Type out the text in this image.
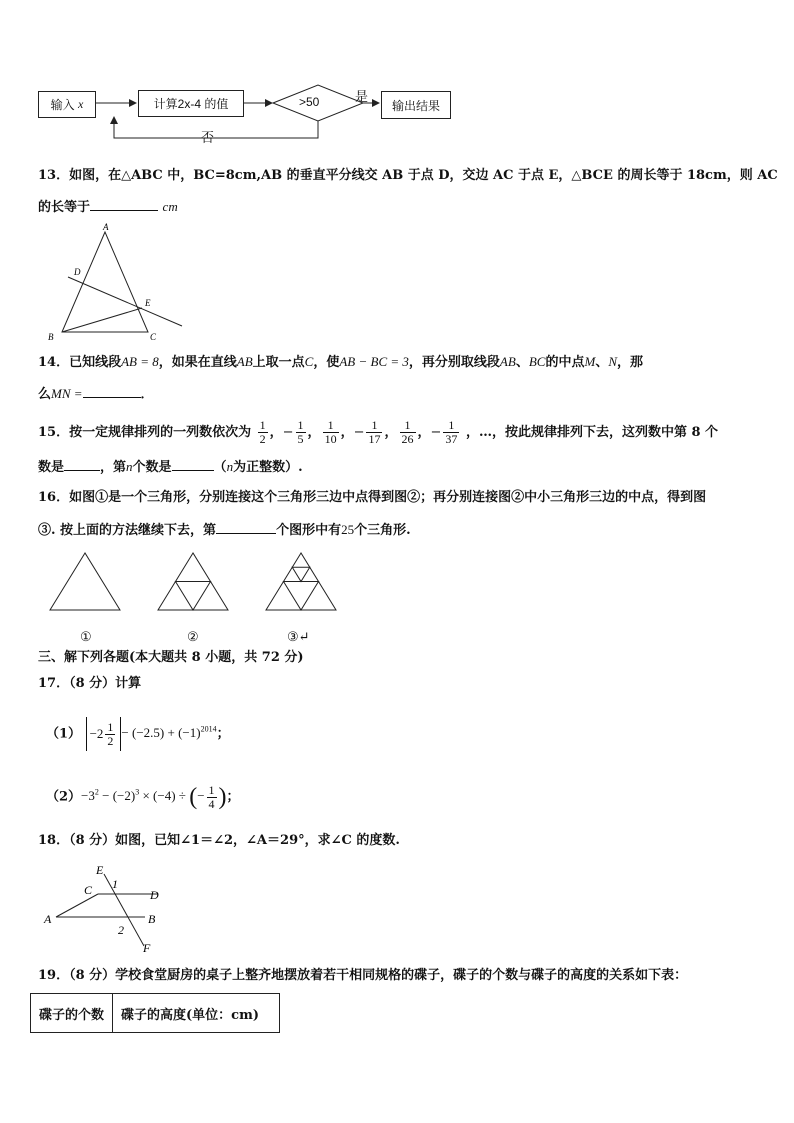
输入
x	计算2x-4 的值	输出结果
>50	是
否
13．如图，在△ABC 中，BC=8cm,AB 的垂直平分线交 AB 于点 D，交边 AC 于点 E，△BCE 的周长等于 18cm，则 AC
的长等于	cm
A
D
E
B	C
14．已知线段AB = 8，如果在直线AB上取一点C，使AB − BC = 3，再分别取线段AB、BC的中点M、N，那
么MN =	．
15．按一定规律排列的一列数依次为 $\frac{1}{2}$ ，− $\frac{1}{5}$ ， $\frac{1}{10}$ ，− $\frac{1}{17}$ ， $\frac{1}{26}$ ，− $\frac{1}{37}$ ，…，按此规律排列下去，这列数中第 8 个
数是	，第n个数是	（n为正整数）.
16．如图①是一个三角形，分别连接这个三角形三边中点得到图②；再分别连接图②中小三角形三边的中点，得到图
③. 按上面的方法继续下去，第	个图形中有25个三角形.
①	②	③↵
三、解下列各题(本大题共 8 小题，共 72 分)
17．（8 分）计算
$(1) -2 \frac{1}{2} - (-2.5) + (-1)^{2014}$；
$(2)-3^2 - (-2)^3 \times (-4)$ ÷ (− $\frac{1}{4}$ )；
18．（8 分）如图，已知∠1＝∠2，∠A＝29°，求∠C 的度数.
E
C 1
D
A	B
2
F
19．（8 分）学校食堂厨房的桌子上整齐地摆放着若干相同规格的碟子，碟子的个数与碟子的高度的关系如下表：
碟子的个数	碟子的高度(单位：cm)
